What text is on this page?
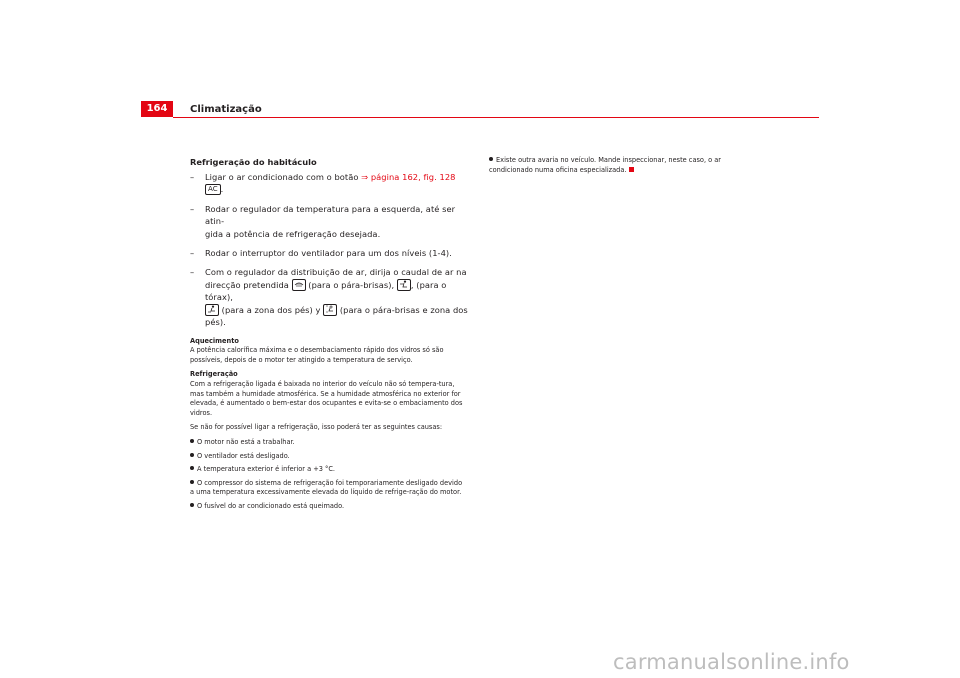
164	Climatização
Refrigeração do habitáculo
– Ligar o ar condicionado com o botão ⇒ página 162, fig. 128
AC .
– Rodar o regulador da temperatura para a esquerda, até ser atin-
gida a potência de refrigeração desejada.
– Rodar o interruptor do ventilador para um dos níveis (1-4).
– Com o regulador da distribuição de ar, dirija o caudal de ar na
direcção pretendida  (para o pára-brisas), , (para o tórax),
(para a zona dos pés) y  (para o pára-brisas e zona dos
pés).

Aquecimento

A potência calorífica máxima e o desembaciamento rápido dos vidros só são possíveis, depois de o motor ter atingido a temperatura de serviço.

Refrigeração

Com a refrigeração ligada é baixada no interior do veículo não só tempera-tura, mas também a humidade atmosférica. Se a humidade atmosférica no exterior for elevada, é aumentado o bem-estar dos ocupantes e evita-se o embaciamento dos vidros.

Se não for possível ligar a refrigeração, isso poderá ter as seguintes causas:

O motor não está a trabalhar.
O ventilador está desligado.
A temperatura exterior é inferior a +3 °C.
O compressor do sistema de refrigeração foi temporariamente desligado devido a uma temperatura excessivamente elevada do líquido de refrige-ração do motor.
O fusível do ar condicionado está queimado.
Existe outra avaria no veículo. Mande inspeccionar, neste caso, o ar condicionado numa oficina especializada.
carmanualsonline.info
